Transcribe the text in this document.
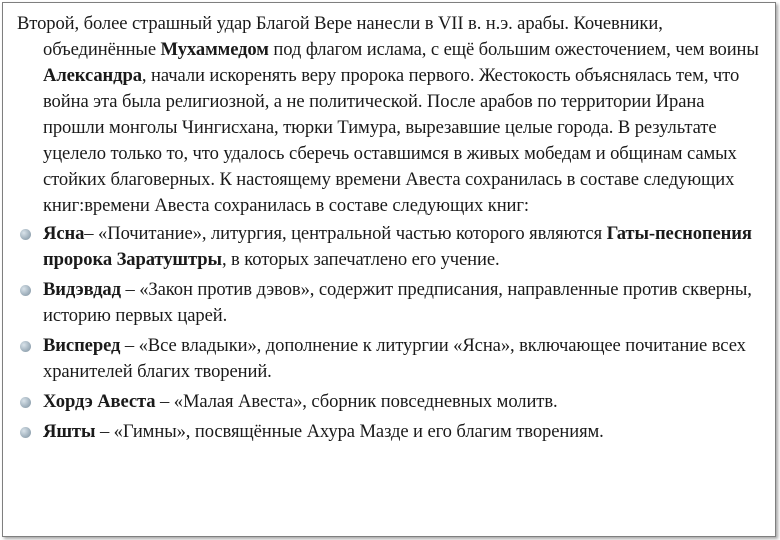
Второй, более страшный удар Благой Вере нанесли в VII в. н.э. арабы. Кочевники, объединённые Мухаммедом под флагом ислама, с ещё большим ожесточением, чем воины Александра, начали искоренять веру пророка первого. Жестокость объяснялась тем, что война эта была религиозной, а не политической. После арабов по территории Ирана прошли монголы Чингисхана, тюрки Тимура, вырезавшие целые города. В результате уцелело только то, что удалось сберечь оставшимся в живых мобедам и общинам самых стойких благоверных. К настоящему времени Авеста сохранилась в составе следующих книг:времени Авеста сохранилась в составе следующих книг:

Ясна– «Почитание», литургия, центральной частью которого являются Гаты-песнопения пророка Заратуштры, в которых запечатлено его учение.
Видэвдад – «Закон против дэвов», содержит предписания, направленные против скверны, историю первых царей.
Висперед – «Все владыки», дополнение к литургии «Ясна», включающее почитание всех хранителей благих творений.
Хордэ Авеста – «Малая Авеста», сборник повседневных молитв.
Яшты – «Гимны», посвящённые Ахура Мазде и его благим творениям.
